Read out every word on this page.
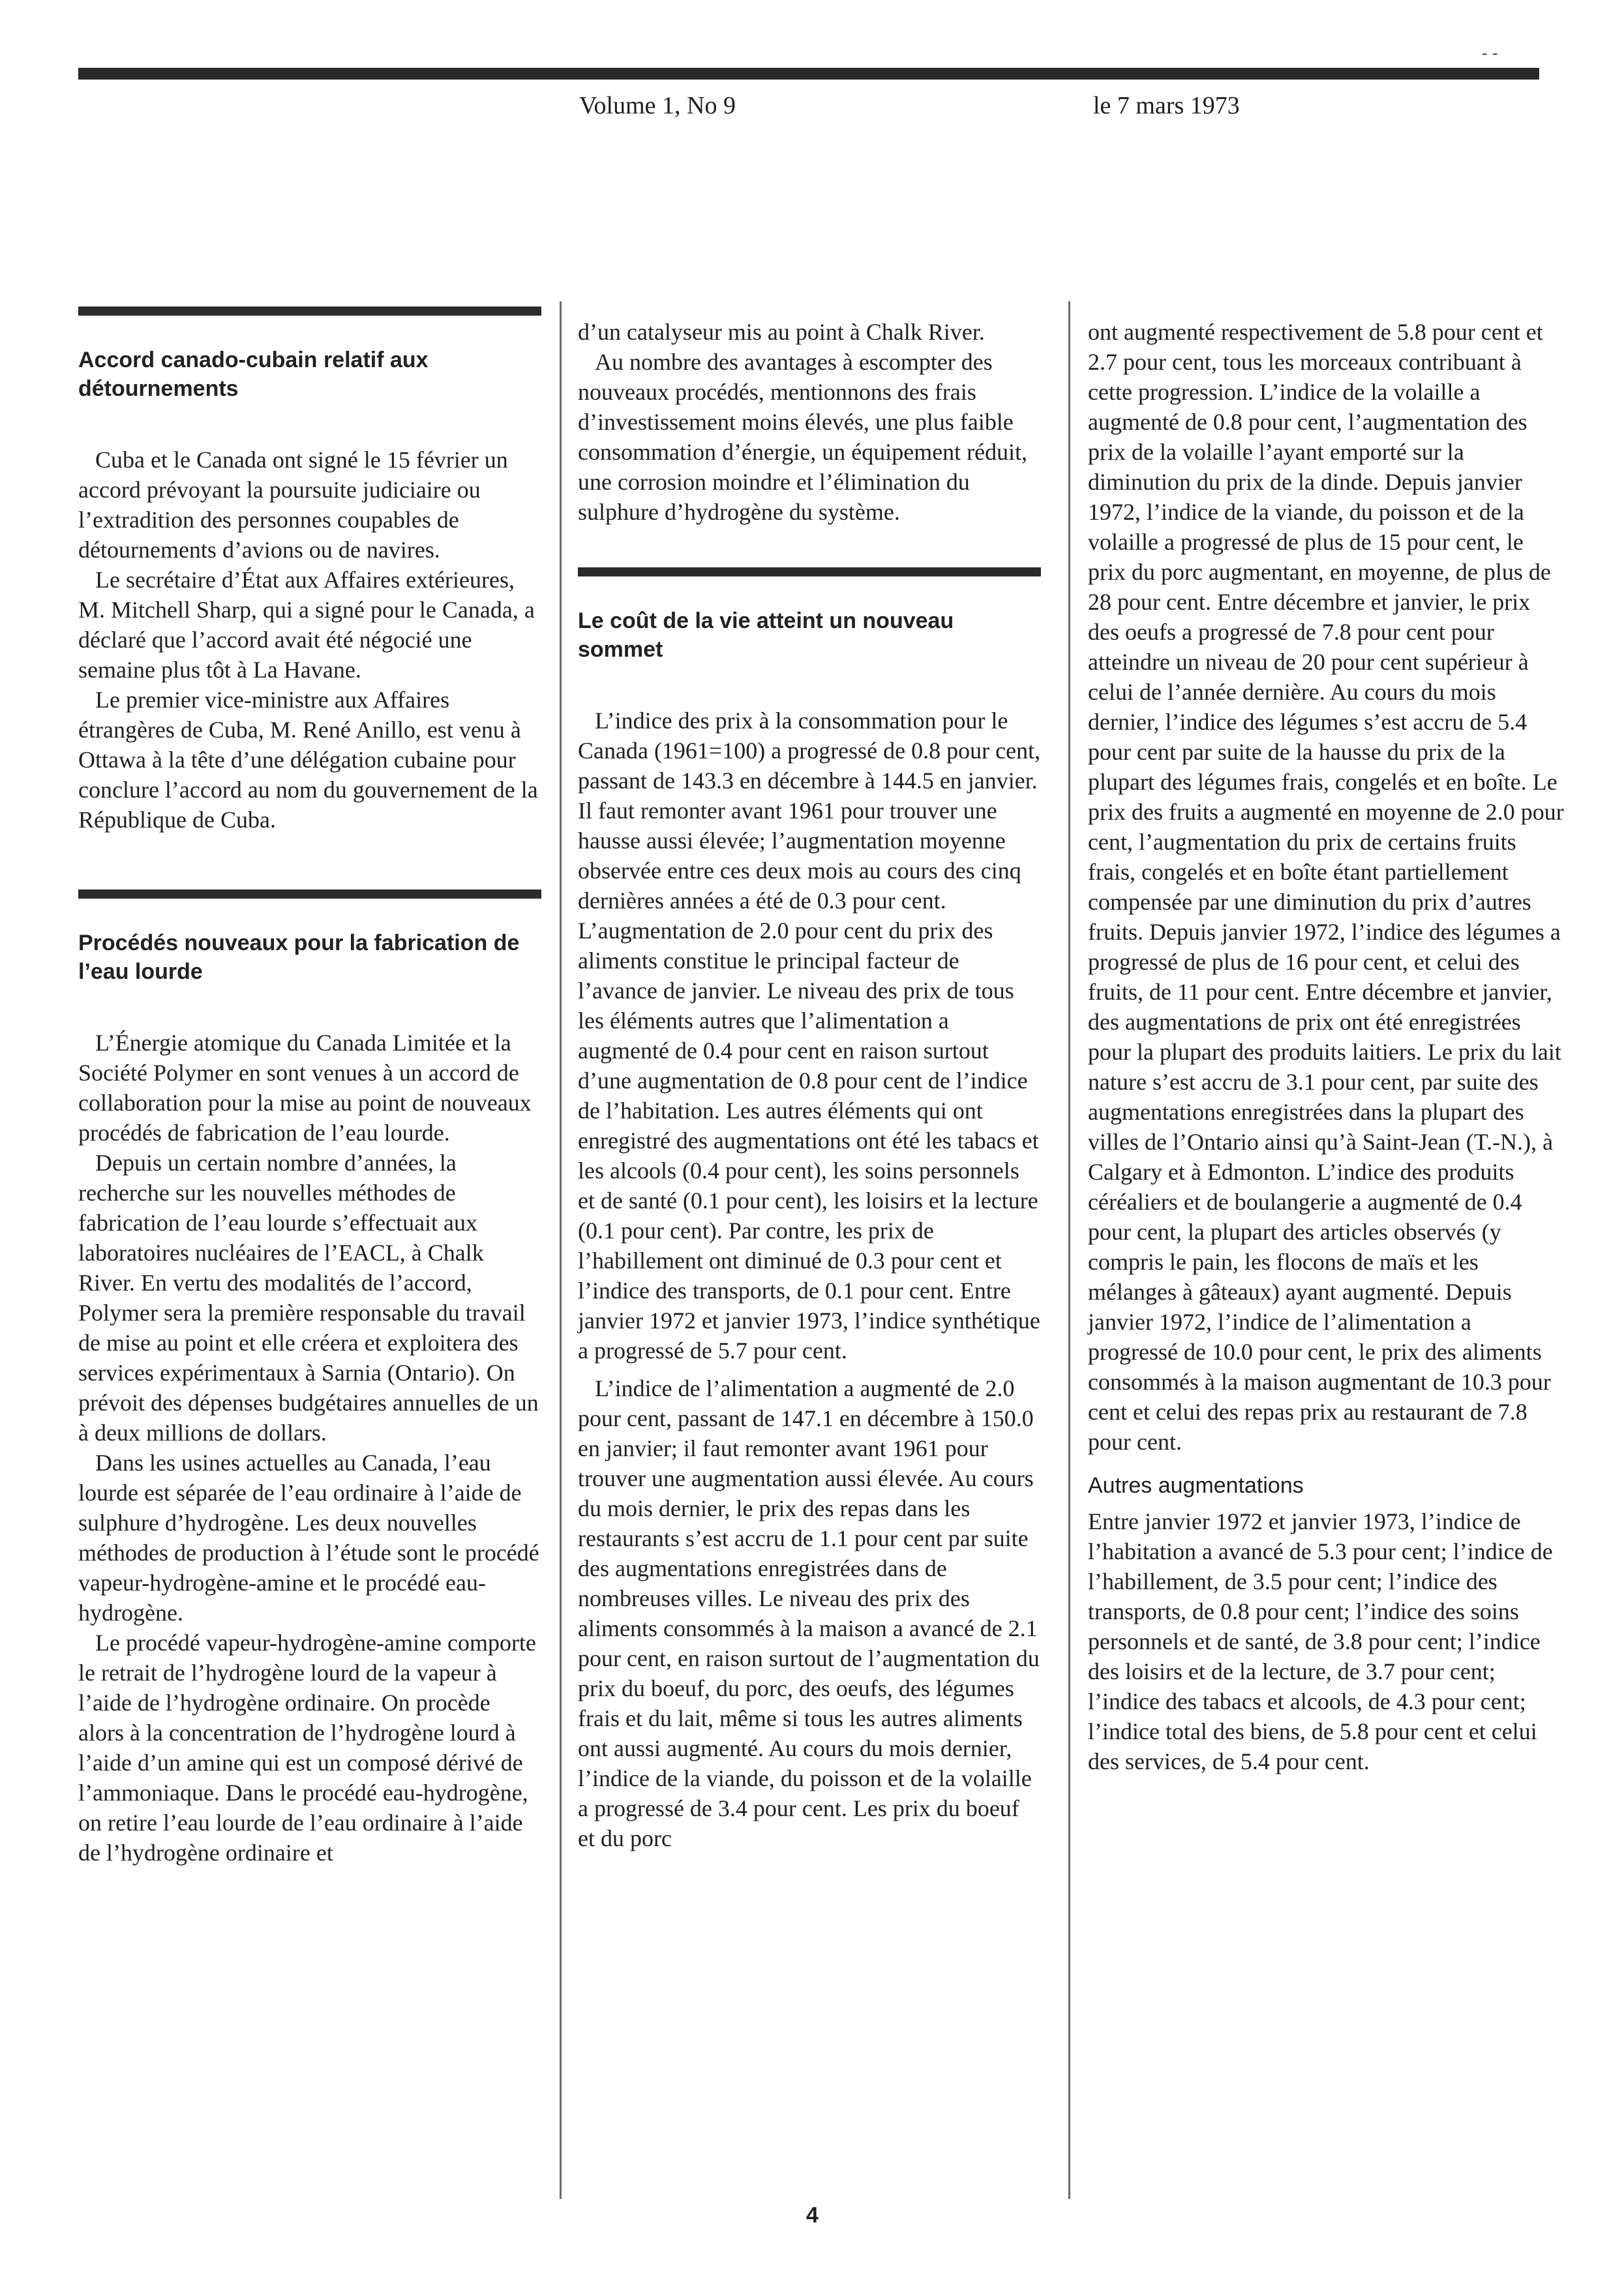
- -
Volume 1, No 9	le 7 mars 1973
Accord canado-cubain relatif aux détournements

Cuba et le Canada ont signé le 15 février un accord prévoyant la poursuite judiciaire ou l’extradition des personnes coupables de détournements d’avions ou de navires.

Le secrétaire d’État aux Affaires extérieures, M. Mitchell Sharp, qui a signé pour le Canada, a déclaré que l’accord avait été négocié une semaine plus tôt à La Havane.

Le premier vice-ministre aux Affaires étrangères de Cuba, M. René Anillo, est venu à Ottawa à la tête d’une délégation cubaine pour conclure l’accord au nom du gouvernement de la République de Cuba.

Procédés nouveaux pour la fabrication de l’eau lourde

L’Énergie atomique du Canada Limitée et la Société Polymer en sont venues à un accord de collaboration pour la mise au point de nouveaux procédés de fabrication de l’eau lourde.

Depuis un certain nombre d’années, la recherche sur les nouvelles méthodes de fabrication de l’eau lourde s’effectuait aux laboratoires nucléaires de l’EACL, à Chalk River. En vertu des modalités de l’accord, Polymer sera la première responsable du travail de mise au point et elle créera et exploitera des services expérimentaux à Sarnia (Ontario). On prévoit des dépenses budgétaires annuelles de un à deux millions de dollars.

Dans les usines actuelles au Canada, l’eau lourde est séparée de l’eau ordinaire à l’aide de sulphure d’hydrogène. Les deux nouvelles méthodes de production à l’étude sont le procédé vapeur-hydrogène-amine et le procédé eau-hydrogène.

Le procédé vapeur-hydrogène-amine comporte le retrait de l’hydrogène lourd de la vapeur à l’aide de l’hydrogène ordinaire. On procède alors à la concentration de l’hydrogène lourd à l’aide d’un amine qui est un composé dérivé de l’ammoniaque. Dans le procédé eau-hydrogène, on retire l’eau lourde de l’eau ordinaire à l’aide de l’hydrogène ordinaire et

d’un catalyseur mis au point à Chalk River.

Au nombre des avantages à escompter des nouveaux procédés, mentionnons des frais d’investissement moins élevés, une plus faible consommation d’énergie, un équipement réduit, une corrosion moindre et l’élimination du sulphure d’hydrogène du système.

Le coût de la vie atteint un nouveau sommet

L’indice des prix à la consommation pour le Canada (1961=100) a progressé de 0.8 pour cent, passant de 143.3 en décembre à 144.5 en janvier. Il faut remonter avant 1961 pour trouver une hausse aussi élevée; l’augmentation moyenne observée entre ces deux mois au cours des cinq dernières années a été de 0.3 pour cent. L’augmentation de 2.0 pour cent du prix des aliments constitue le principal facteur de l’avance de janvier. Le niveau des prix de tous les éléments autres que l’alimentation a augmenté de 0.4 pour cent en raison surtout d’une augmentation de 0.8 pour cent de l’indice de l’habitation. Les autres éléments qui ont enregistré des augmentations ont été les tabacs et les alcools (0.4 pour cent), les soins personnels et de santé (0.1 pour cent), les loisirs et la lecture (0.1 pour cent). Par contre, les prix de l’habillement ont diminué de 0.3 pour cent et l’indice des transports, de 0.1 pour cent. Entre janvier 1972 et janvier 1973, l’indice synthétique a progressé de 5.7 pour cent.

L’indice de l’alimentation a augmenté de 2.0 pour cent, passant de 147.1 en décembre à 150.0 en janvier; il faut remonter avant 1961 pour trouver une augmentation aussi élevée. Au cours du mois dernier, le prix des repas dans les restaurants s’est accru de 1.1 pour cent par suite des augmentations enregistrées dans de nombreuses villes. Le niveau des prix des aliments consommés à la maison a avancé de 2.1 pour cent, en raison surtout de l’augmentation du prix du boeuf, du porc, des oeufs, des légumes frais et du lait, même si tous les autres aliments ont aussi augmenté. Au cours du mois dernier, l’indice de la viande, du poisson et de la volaille a progressé de 3.4 pour cent. Les prix du boeuf et du porc

ont augmenté respectivement de 5.8 pour cent et 2.7 pour cent, tous les morceaux contribuant à cette progression. L’indice de la volaille a augmenté de 0.8 pour cent, l’augmentation des prix de la volaille l’ayant emporté sur la diminution du prix de la dinde. Depuis janvier 1972, l’indice de la viande, du poisson et de la volaille a progressé de plus de 15 pour cent, le prix du porc augmentant, en moyenne, de plus de 28 pour cent. Entre décembre et janvier, le prix des oeufs a progressé de 7.8 pour cent pour atteindre un niveau de 20 pour cent supérieur à celui de l’année dernière. Au cours du mois dernier, l’indice des légumes s’est accru de 5.4 pour cent par suite de la hausse du prix de la plupart des légumes frais, congelés et en boîte. Le prix des fruits a augmenté en moyenne de 2.0 pour cent, l’augmentation du prix de certains fruits frais, congelés et en boîte étant partiellement compensée par une diminution du prix d’autres fruits. Depuis janvier 1972, l’indice des légumes a progressé de plus de 16 pour cent, et celui des fruits, de 11 pour cent. Entre décembre et janvier, des augmentations de prix ont été enregistrées pour la plupart des produits laitiers. Le prix du lait nature s’est accru de 3.1 pour cent, par suite des augmentations enregistrées dans la plupart des villes de l’Ontario ainsi qu’à Saint-Jean (T.-N.), à Calgary et à Edmonton. L’indice des produits céréaliers et de boulangerie a augmenté de 0.4 pour cent, la plupart des articles observés (y compris le pain, les flocons de maïs et les mélanges à gâteaux) ayant augmenté. Depuis janvier 1972, l’indice de l’alimentation a progressé de 10.0 pour cent, le prix des aliments consommés à la maison augmentant de 10.3 pour cent et celui des repas prix au restaurant de 7.8 pour cent.

Autres augmentations

Entre janvier 1972 et janvier 1973, l’indice de l’habitation a avancé de 5.3 pour cent; l’indice de l’habillement, de 3.5 pour cent; l’indice des transports, de 0.8 pour cent; l’indice des soins personnels et de santé, de 3.8 pour cent; l’indice des loisirs et de la lecture, de 3.7 pour cent; l’indice des tabacs et alcools, de 4.3 pour cent; l’indice total des biens, de 5.8 pour cent et celui des services, de 5.4 pour cent.

4
